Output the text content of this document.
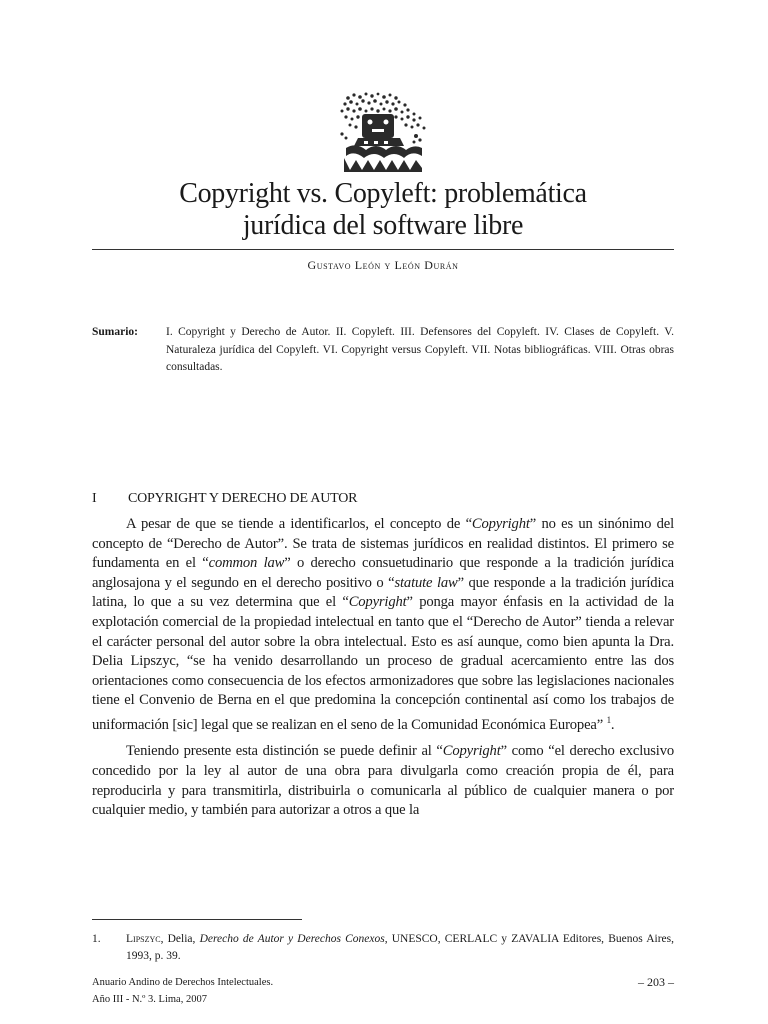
Copyright vs. Copyleft: problemática
jurídica del software libre
Gustavo León y León Durán
Sumario:	I. Copyright y Derecho de Autor. II. Copyleft. III. Defensores del Copyleft. IV. Clases de Copyleft. V. Naturaleza jurídica del Copyleft. VI. Copyright versus Copyleft. VII. Notas bibliográficas. VIII. Otras obras consultadas.
I	COPYRIGHT Y DERECHO DE AUTOR

A pesar de que se tiende a identificarlos, el concepto de “Copyright” no es un sinónimo del concepto de “Derecho de Autor”. Se trata de sistemas jurídicos en realidad distintos. El primero se fundamenta en el “common law” o derecho consuetudinario que responde a la tradición jurídica anglosajona y el segundo en el derecho positivo o “statute law” que responde a la tradición jurídica latina, lo que a su vez determina que el “Copyright” ponga mayor énfasis en la actividad de la explotación comercial de la propiedad intelectual en tanto que el “Derecho de Autor” tienda a relevar el carácter personal del autor sobre la obra intelectual. Esto es así aunque, como bien apunta la Dra. Delia Lipszyc, “se ha venido desarrollando un proceso de gradual acercamiento entre las dos orientaciones como consecuencia de los efectos armonizadores que sobre las legislaciones nacionales tiene el Convenio de Berna en el que predomina la concepción continental así como los trabajos de uniformación [sic] legal que se realizan en el seno de la Comunidad Económica Europea” $^1$.

Teniendo presente esta distinción se puede definir al “Copyright” como “el derecho exclusivo concedido por la ley al autor de una obra para divulgarla como creación propia de él, para reproducirla y para transmitirla, distribuirla o comunicarla al público de cualquier manera o por cualquier medio, y también para autorizar a otros a que la

1.	Lipszyc, Delia, Derecho de Autor y Derechos Conexos, UNESCO, CERLALC y ZAVALIA Editores, Buenos Aires, 1993, p. 39.
Anuario Andino de Derechos Intelectuales.
Año III - N.º 3. Lima, 2007
– 203 –
